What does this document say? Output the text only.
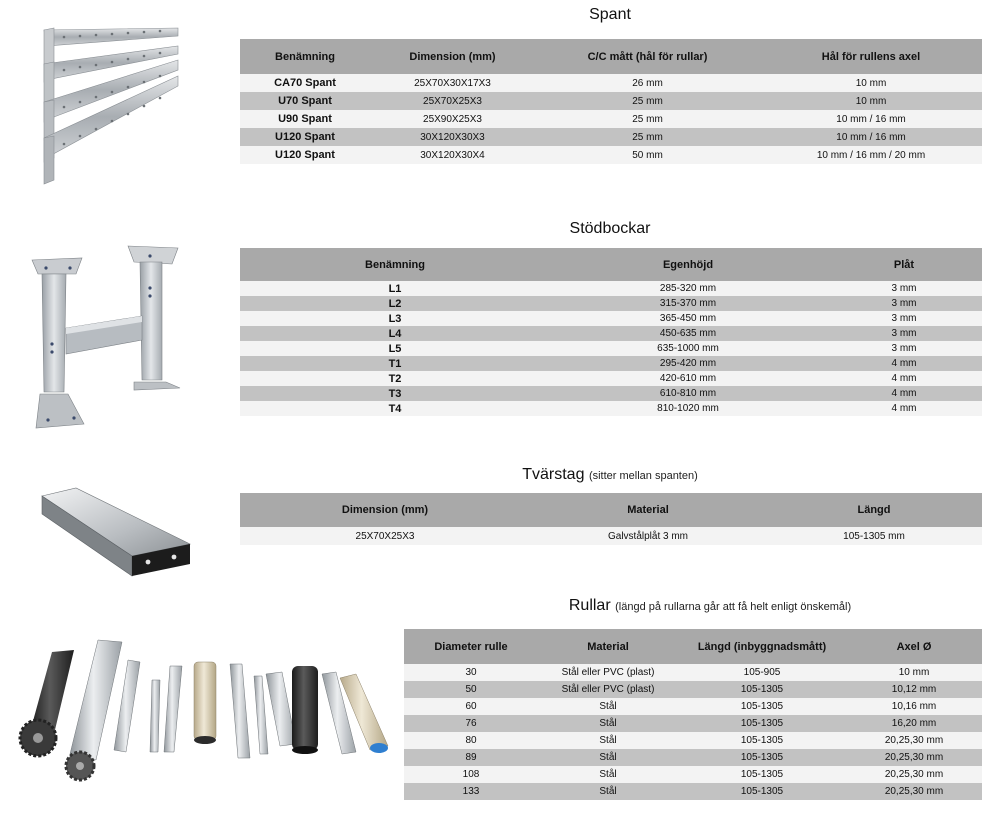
Spant
Benämning	Dimension (mm)	C/C mått (hål för rullar)	Hål för rullens axel
CA70 Spant	25X70X30X17X3	26 mm	10 mm
U70 Spant	25X70X25X3	25 mm	10 mm
U90 Spant	25X90X25X3	25 mm	10 mm / 16 mm
U120 Spant	30X120X30X3	25 mm	10 mm / 16 mm
U120 Spant	30X120X30X4	50 mm	10 mm / 16 mm / 20 mm
Stödbockar
Benämning	Egenhöjd	Plåt
L1	285-320 mm	3 mm
L2	315-370 mm	3 mm
L3	365-450 mm	3 mm
L4	450-635 mm	3 mm
L5	635-1000 mm	3 mm
T1	295-420 mm	4 mm
T2	420-610 mm	4 mm
T3	610-810 mm	4 mm
T4	810-1020 mm	4 mm
Tvärstag (sitter mellan spanten)
Dimension (mm)	Material	Längd
25X70X25X3	Galvstålplåt 3 mm	105-1305 mm
Rullar (längd på rullarna går att få helt enligt önskemål)
Diameter rulle	Material	Längd (inbyggnadsmått)	Axel Ø
30	Stål eller PVC (plast)	105-905	10 mm
50	Stål eller PVC (plast)	105-1305	10,12 mm
60	Stål	105-1305	10,16 mm
76	Stål	105-1305	16,20 mm
80	Stål	105-1305	20,25,30 mm
89	Stål	105-1305	20,25,30 mm
108	Stål	105-1305	20,25,30 mm
133	Stål	105-1305	20,25,30 mm
